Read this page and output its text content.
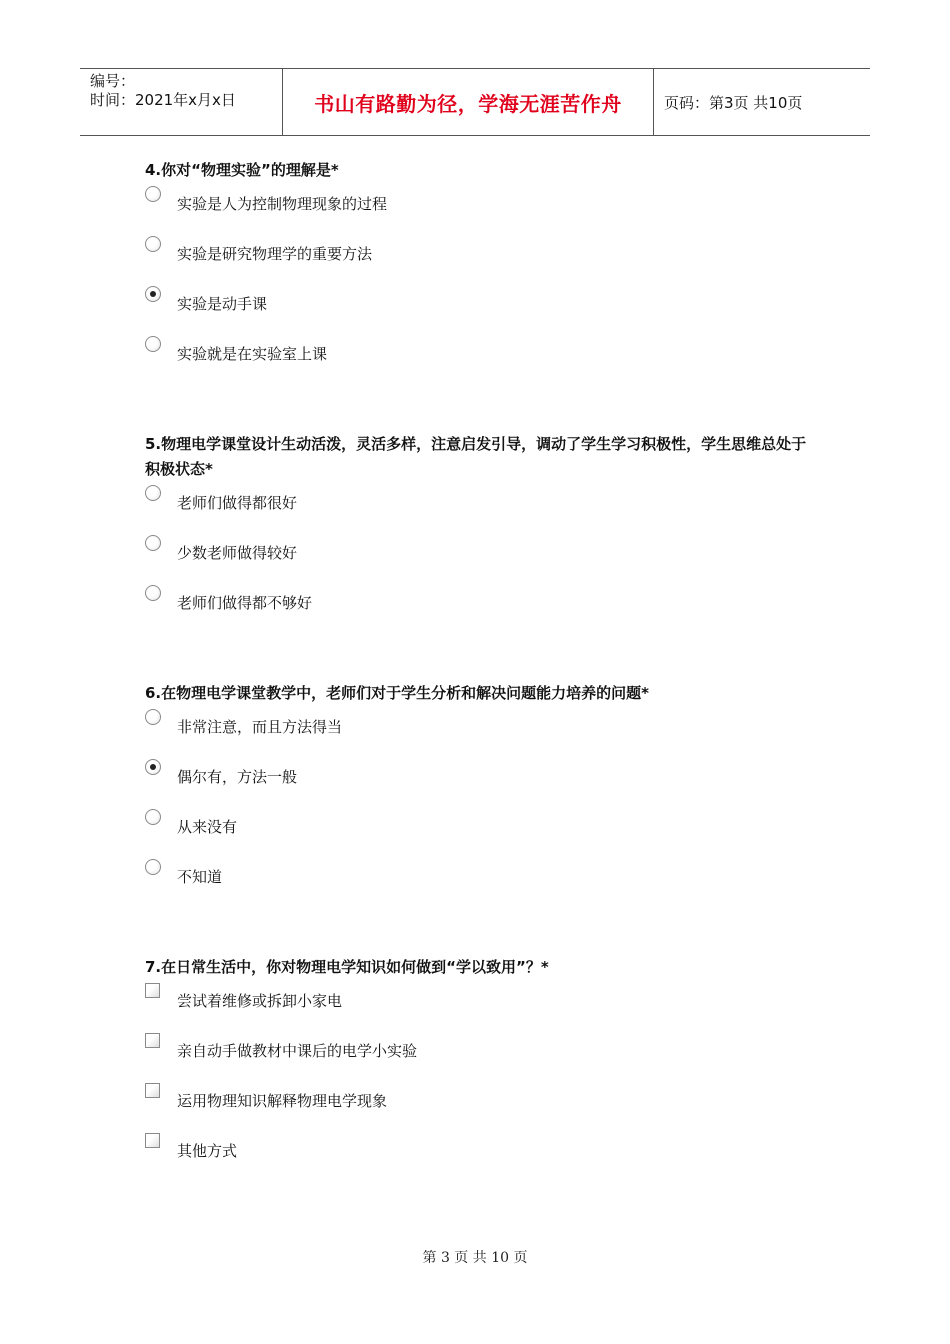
编号：
时间：2021年x月x日	书山有路勤为径，学海无涯苦作舟	页码：第3页 共10页
4.你对“物理实验”的理解是*
实验是人为控制物理现象的过程
实验是研究物理学的重要方法
实验是动手课
实验就是在实验室上课
5.物理电学课堂设计生动活泼，灵活多样，注意启发引导，调动了学生学习积极性，学生思维总处于积极状态*
老师们做得都很好
少数老师做得较好
老师们做得都不够好
6.在物理电学课堂教学中，老师们对于学生分析和解决问题能力培养的问题*
非常注意，而且方法得当
偶尔有，方法一般
从来没有
不知道
7.在日常生活中，你对物理电学知识如何做到“学以致用”？*
尝试着维修或拆卸小家电
亲自动手做教材中课后的电学小实验
运用物理知识解释物理电学现象
其他方式
第 3 页 共 10 页
